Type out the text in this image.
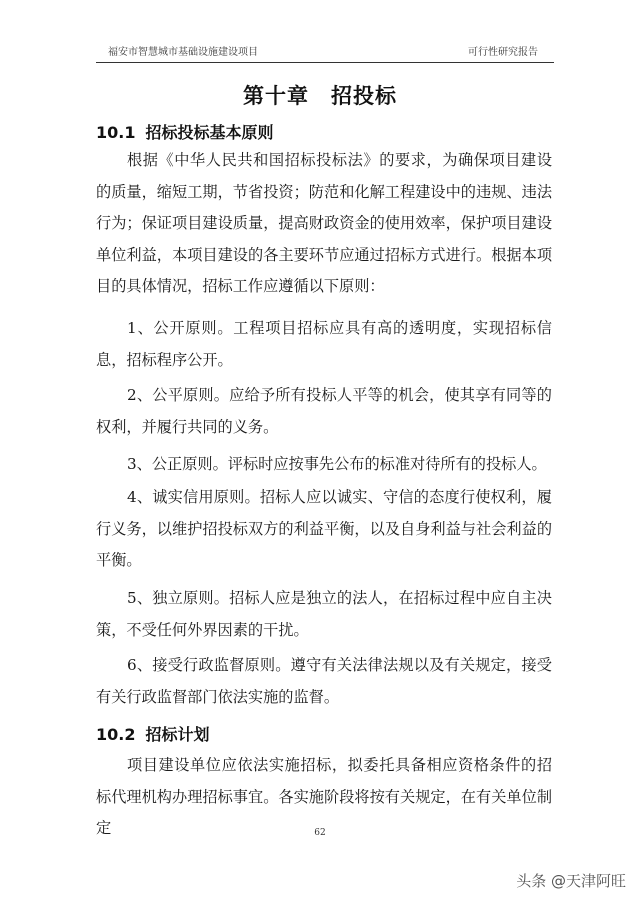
福安市智慧城市基础设施建设项目	可行性研究报告
第十章　招投标
10.1 招标投标基本原则
根据《中华人民共和国招标投标法》的要求，为确保项目建设的质量，缩短工期，节省投资；防范和化解工程建设中的违规、违法行为；保证项目建设质量，提高财政资金的使用效率，保护项目建设单位利益，本项目建设的各主要环节应通过招标方式进行。根据本项目的具体情况，招标工作应遵循以下原则：
1、公开原则。工程项目招标应具有高的透明度，实现招标信息，招标程序公开。
2、公平原则。应给予所有投标人平等的机会，使其享有同等的权利，并履行共同的义务。
3、公正原则。评标时应按事先公布的标准对待所有的投标人。
4、诚实信用原则。招标人应以诚实、守信的态度行使权利，履行义务，以维护招投标双方的利益平衡，以及自身利益与社会利益的平衡。
5、独立原则。招标人应是独立的法人，在招标过程中应自主决策，不受任何外界因素的干扰。
6、接受行政监督原则。遵守有关法律法规以及有关规定，接受有关行政监督部门依法实施的监督。
10.2 招标计划
项目建设单位应依法实施招标，拟委托具备相应资格条件的招标代理机构办理招标事宜。各实施阶段将按有关规定，在有关单位制定	62
头条 @天津阿旺
